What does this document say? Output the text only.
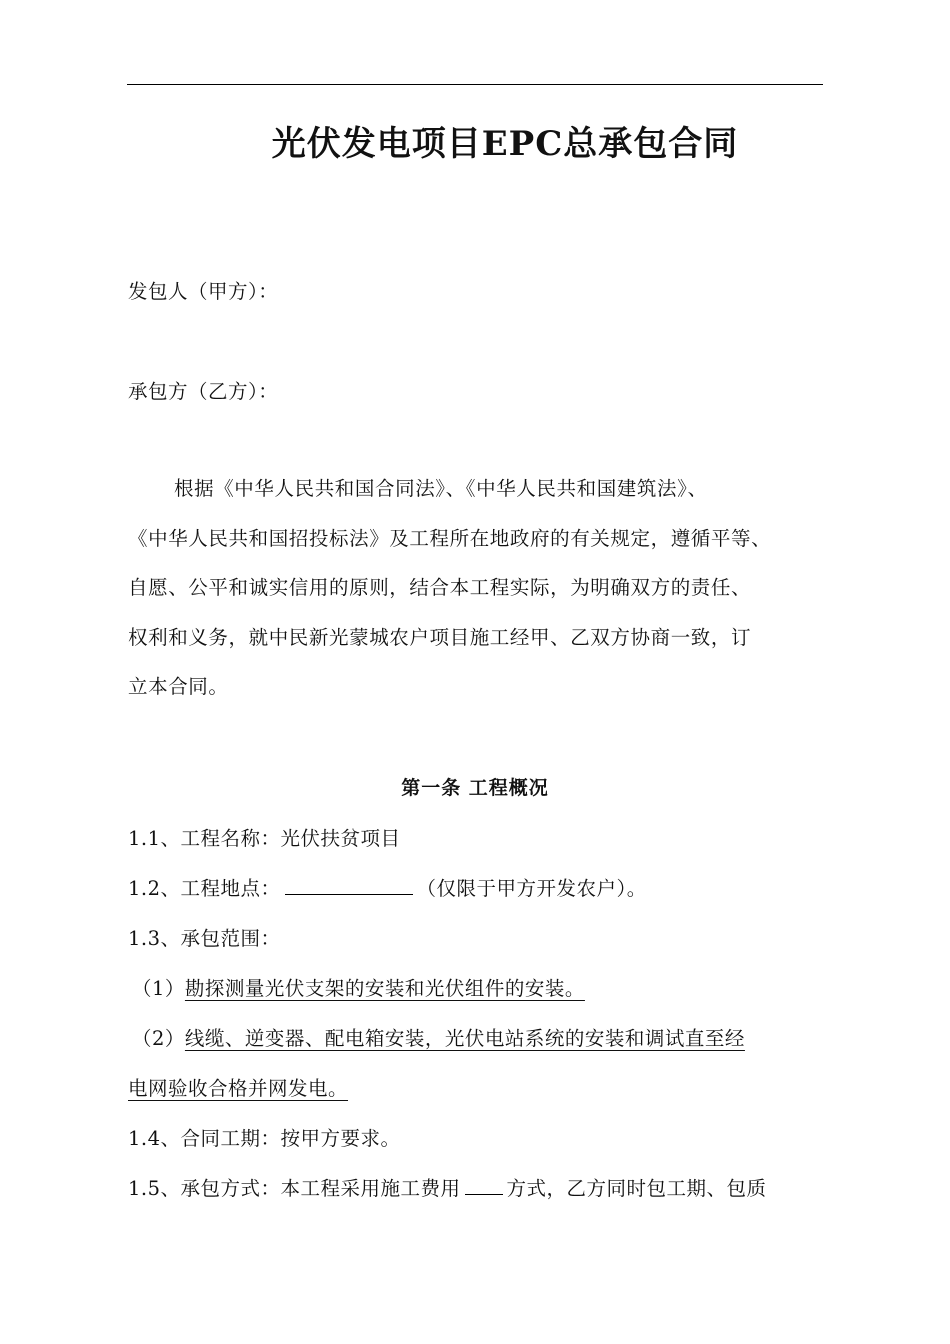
光伏发电项目EPC总承包合同
发包人（甲方）：
承包方（乙方）：
根据《中华人民共和国合同法》、《中华人民共和国建筑法》、
《中华人民共和国招投标法》及工程所在地政府的有关规定，遵循平等、
自愿、公平和诚实信用的原则，结合本工程实际，为明确双方的责任、
权利和义务，就中民新光蒙城农户项目施工经甲、乙双方协商一致，订
立本合同。
第一条 工程概况
1.1、工程名称：光伏扶贫项目
1.2、工程地点：	（仅限于甲方开发农户）。
1.3、承包范围：
（1）勘探测量光伏支架的安装和光伏组件的安装。
（2）线缆、逆变器、配电箱安装，光伏电站系统的安装和调试直至经
电网验收合格并网发电。
1.4、合同工期：按甲方要求。
1.5、承包方式：本工程采用施工费用 方式，乙方同时包工期、包质
